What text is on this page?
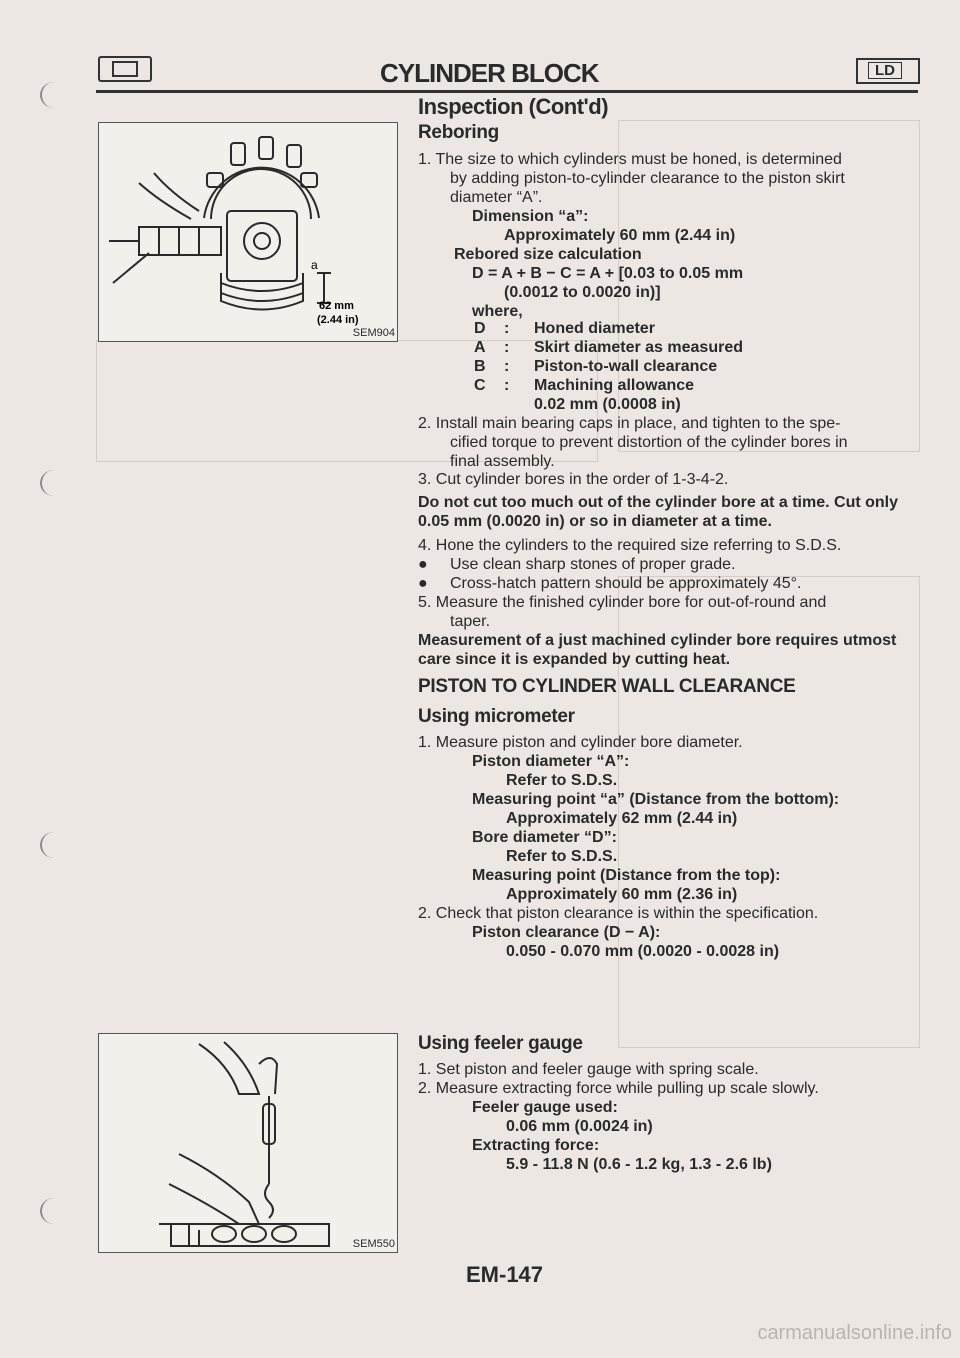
CYLINDER BLOCK	LD
Inspection (Cont'd)
a
62 mm
(2.44 in)
SEM904
Reboring
1. The size to which cylinders must be honed, is determined
by adding piston-to-cylinder clearance to the piston skirt
diameter “A”.
Dimension “a”:
Approximately 60 mm (2.44 in)
Rebored size calculation
D = A + B − C = A + [0.03 to 0.05 mm
(0.0012 to 0.0020 in)]
where,
D	:	Honed diameter
A	:	Skirt diameter as measured
B	:	Piston-to-wall clearance
C	:	Machining allowance
0.02 mm (0.0008 in)
2. Install main bearing caps in place, and tighten to the spe-
cified torque to prevent distortion of the cylinder bores in
final assembly.
3. Cut cylinder bores in the order of 1-3-4-2.
Do not cut too much out of the cylinder bore at a time. Cut only
0.05 mm (0.0020 in) or so in diameter at a time.
4. Hone the cylinders to the required size referring to S.D.S.
● Use clean sharp stones of proper grade.
● Cross-hatch pattern should be approximately 45°.
5. Measure the finished cylinder bore for out-of-round and
taper.
Measurement of a just machined cylinder bore requires utmost
care since it is expanded by cutting heat.
PISTON TO CYLINDER WALL CLEARANCE
Using micrometer
1. Measure piston and cylinder bore diameter.
Piston diameter “A”:
Refer to S.D.S.
Measuring point “a” (Distance from the bottom):
Approximately 62 mm (2.44 in)
Bore diameter “D”:
Refer to S.D.S.
Measuring point (Distance from the top):
Approximately 60 mm (2.36 in)
2. Check that piston clearance is within the specification.
Piston clearance (D − A):
0.050 - 0.070 mm (0.0020 - 0.0028 in)
SEM550
Using feeler gauge
1. Set piston and feeler gauge with spring scale.
2. Measure extracting force while pulling up scale slowly.
Feeler gauge used:
0.06 mm (0.0024 in)
Extracting force:
5.9 - 11.8 N (0.6 - 1.2 kg, 1.3 - 2.6 lb)
EM-147
carmanualsonline.info
